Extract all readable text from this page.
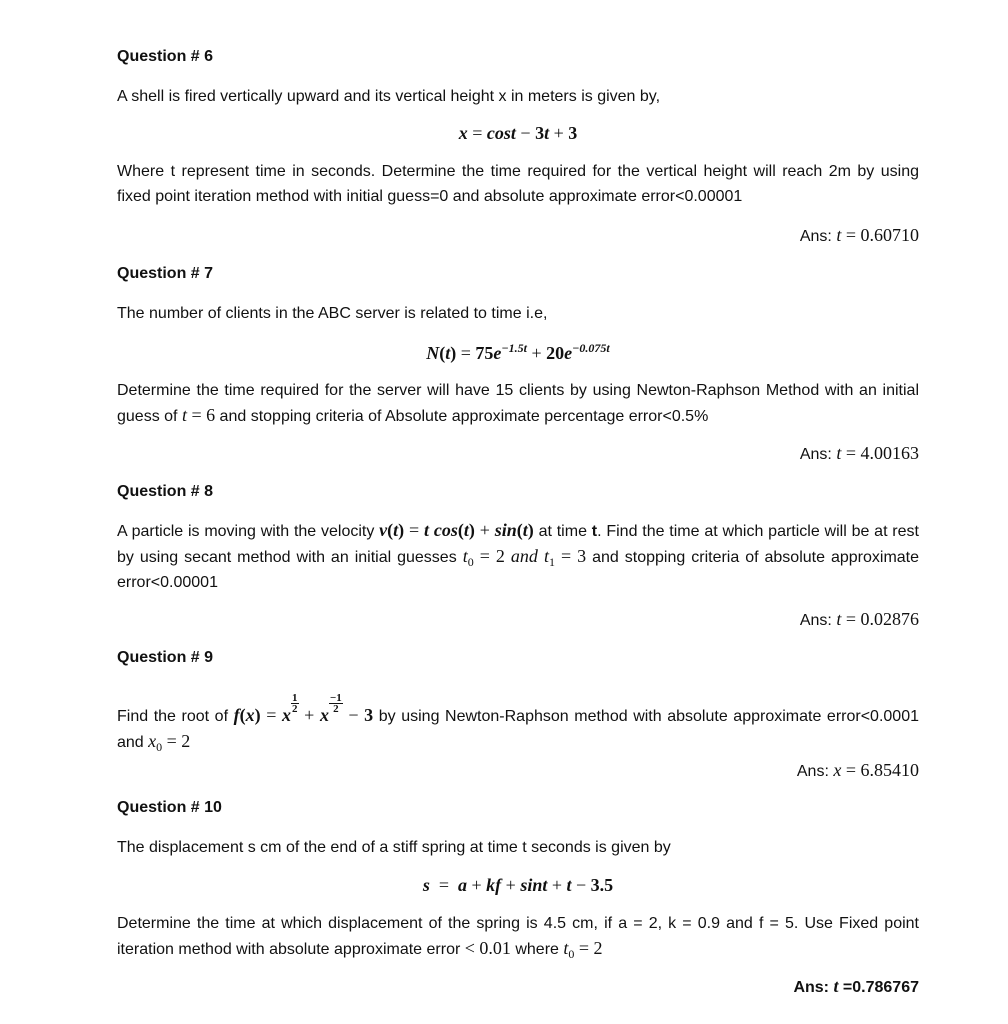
Question # 6
A shell is fired vertically upward and its vertical height x in meters is given by,
x = cost − 3t + 3
Where t represent time in seconds. Determine the time required for the vertical height will reach 2m by using fixed point iteration method with initial guess=0 and absolute approximate error<0.00001
Ans: t = 0.60710
Question # 7
The number of clients in the ABC server is related to time i.e,
$N(t) = 75e^{-1.5t} + 20e^{-0.075t}$
Determine the time required for the server will have 15 clients by using Newton-Raphson Method with an initial guess of t = 6 and stopping criteria of Absolute approximate percentage error<0.5%
Ans: t = 4.00163
Question # 8
A particle is moving with the velocity v(t) = t cos(t) + sin(t) at time t. Find the time at which particle will be at rest by using secant method with an initial guesses $t_0 = 2$ and $t_1 = 3$ and stopping criteria of absolute approximate error<0.00001
Ans: t = 0.02876
Question # 9
Find the root of f(x) = x
$\frac{1}{2}$
+ x
$\frac{-1}{2}$
− 3 by using Newton-Raphson method with absolute approximate error<0.0001 and $x_0 = 2$
Ans: x = 6.85410
Question # 10
The displacement s cm of the end of a stiff spring at time t seconds is given by
s  =  a + kf + sint + t − 3.5
Determine the time at which displacement of the spring is 4.5 cm, if a = 2, k = 0.9 and f = 5. Use Fixed point iteration method with absolute approximate error < 0.01 where $t_0 = 2$
Ans: t =0.786767
